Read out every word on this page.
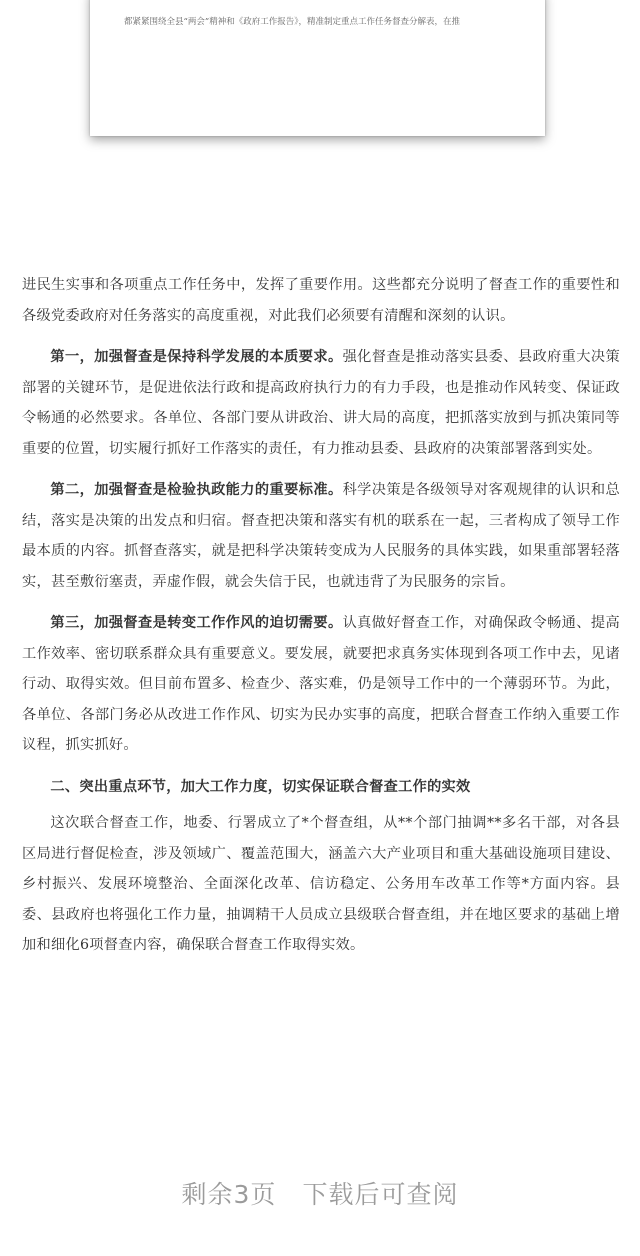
都紧紧围绕全县“两会”精神和《政府工作报告》，精准制定重点工作任务督查分解表，在推

进民生实事和各项重点工作任务中，发挥了重要作用。这些都充分说明了督查工作的重要性和各级党委政府对任务落实的高度重视，对此我们必须要有清醒和深刻的认识。

第一，加强督查是保持科学发展的本质要求。强化督查是推动落实县委、县政府重大决策部署的关键环节，是促进依法行政和提高政府执行力的有力手段，也是推动作风转变、保证政令畅通的必然要求。各单位、各部门要从讲政治、讲大局的高度，把抓落实放到与抓决策同等重要的位置，切实履行抓好工作落实的责任，有力推动县委、县政府的决策部署落到实处。

第二，加强督查是检验执政能力的重要标准。科学决策是各级领导对客观规律的认识和总结，落实是决策的出发点和归宿。督查把决策和落实有机的联系在一起，三者构成了领导工作最本质的内容。抓督查落实，就是把科学决策转变成为人民服务的具体实践，如果重部署轻落实，甚至敷衍塞责，弄虚作假，就会失信于民，也就违背了为民服务的宗旨。

第三，加强督查是转变工作作风的迫切需要。认真做好督查工作，对确保政令畅通、提高工作效率、密切联系群众具有重要意义。要发展，就要把求真务实体现到各项工作中去，见诸行动、取得实效。但目前布置多、检查少、落实难，仍是领导工作中的一个薄弱环节。为此，各单位、各部门务必从改进工作作风、切实为民办实事的高度，把联合督查工作纳入重要工作议程，抓实抓好。

二、突出重点环节，加大工作力度，切实保证联合督查工作的实效

这次联合督查工作，地委、行署成立了*个督查组，从**个部门抽调**多名干部，对各县区局进行督促检查，涉及领域广、覆盖范围大，涵盖六大产业项目和重大基础设施项目建设、乡村振兴、发展环境整治、全面深化改革、信访稳定、公务用车改革工作等*方面内容。县委、县政府也将强化工作力量，抽调精干人员成立县级联合督查组，并在地区要求的基础上增加和细化6项督查内容，确保联合督查工作取得实效。

剩余3页 下载后可查阅
